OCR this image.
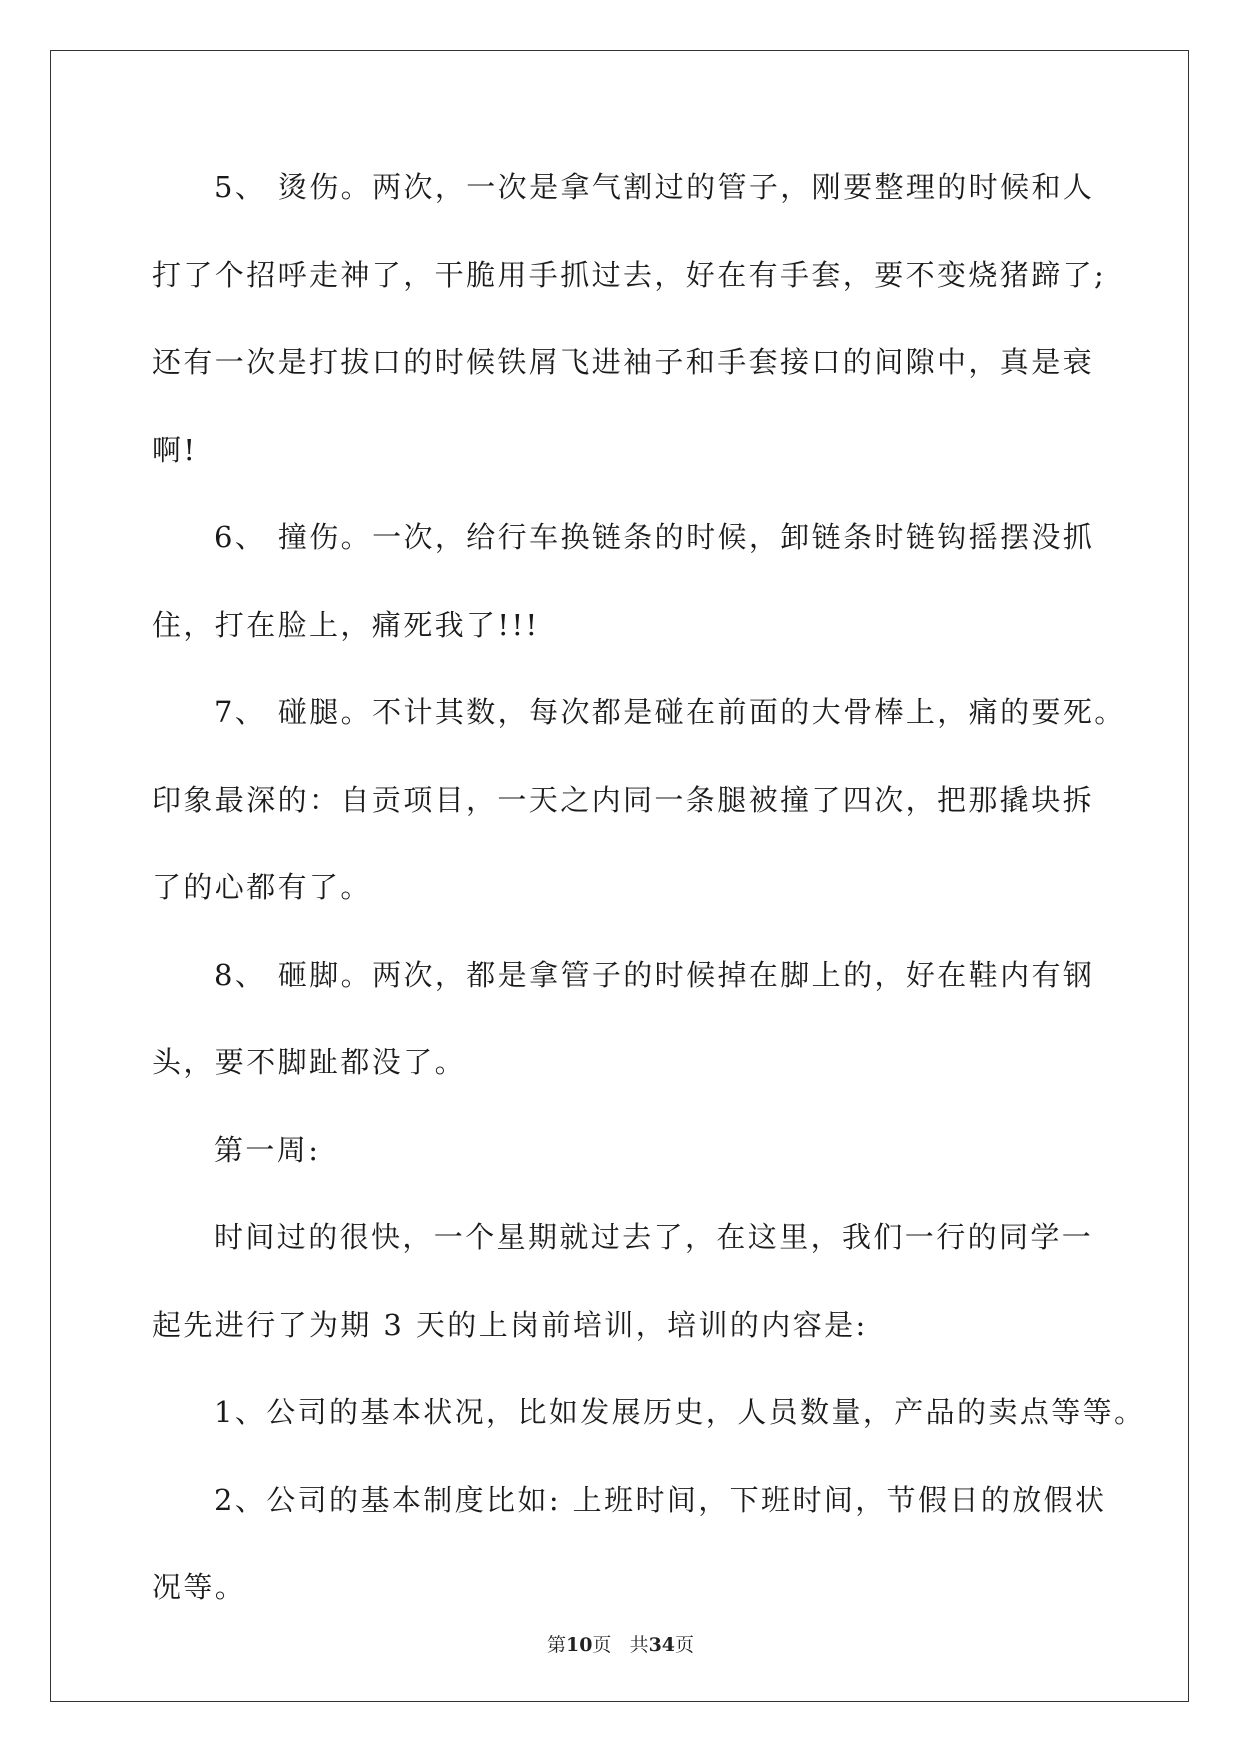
5、 烫伤。两次，一次是拿气割过的管子，刚要整理的时候和人

打了个招呼走神了，干脆用手抓过去，好在有手套，要不变烧猪蹄了;

还有一次是打拔口的时候铁屑飞进袖子和手套接口的间隙中，真是衰

啊!

6、 撞伤。一次，给行车换链条的时候，卸链条时链钩摇摆没抓

住，打在脸上，痛死我了!!!

7、 碰腿。不计其数，每次都是碰在前面的大骨棒上，痛的要死。

印象最深的：自贡项目，一天之内同一条腿被撞了四次，把那撬块拆

了的心都有了。

8、 砸脚。两次，都是拿管子的时候掉在脚上的，好在鞋内有钢

头，要不脚趾都没了。

第一周:

时间过的很快，一个星期就过去了，在这里，我们一行的同学一

起先进行了为期 3 天的上岗前培训，培训的内容是:

1、公司的基本状况，比如发展历史，人员数量，产品的卖点等等。

2、公司的基本制度比如: 上班时间，下班时间，节假日的放假状

况等。

第10页 共34页
